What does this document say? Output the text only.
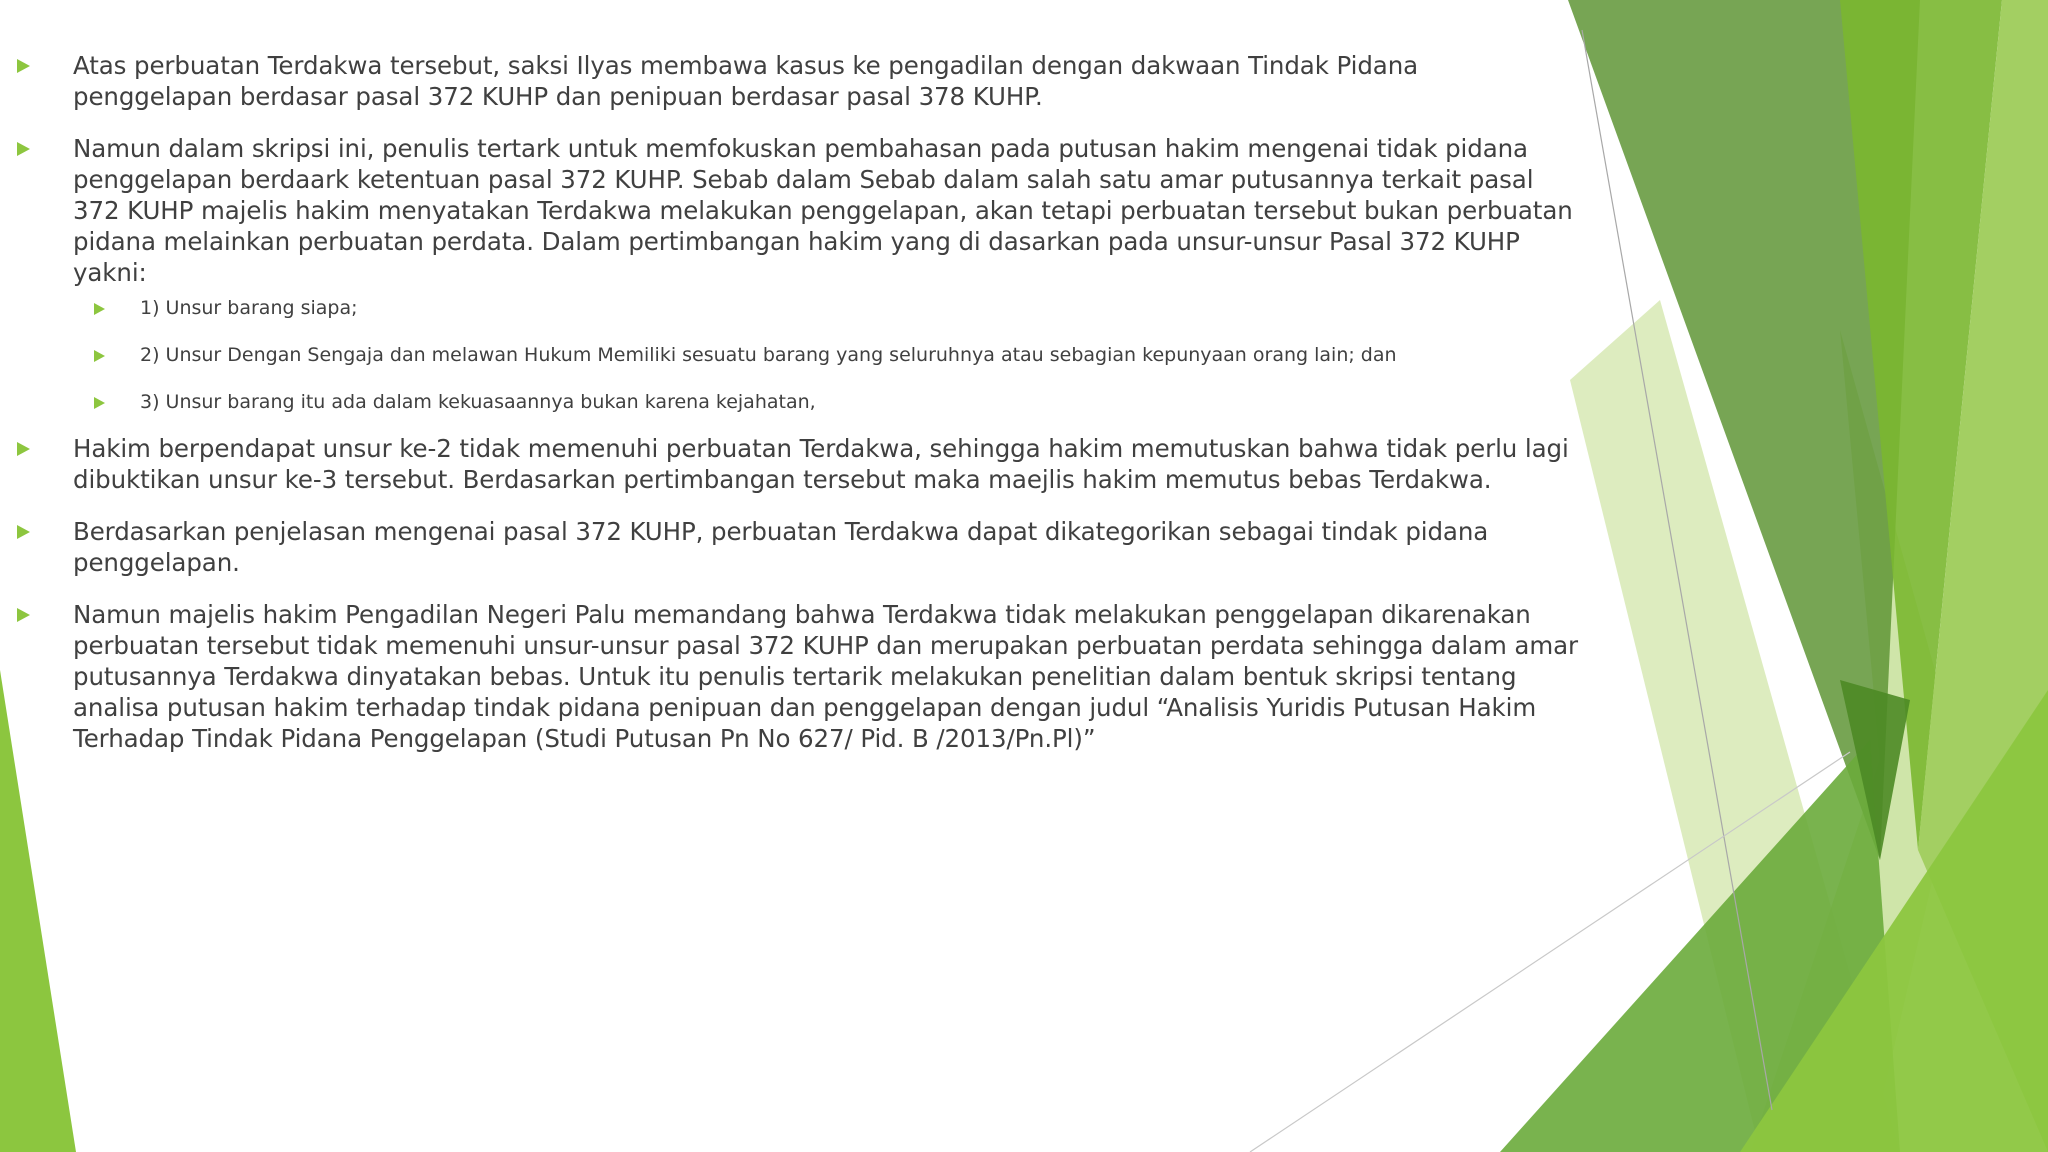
Atas perbuatan Terdakwa tersebut, saksi Ilyas membawa kasus ke pengadilan dengan dakwaan Tindak Pidana penggelapan berdasar pasal 372 KUHP dan penipuan berdasar pasal 378 KUHP.
Namun dalam skripsi ini, penulis tertark untuk memfokuskan pembahasan pada putusan hakim mengenai tidak pidana penggelapan berdaark ketentuan pasal 372 KUHP. Sebab dalam Sebab dalam salah satu amar putusannya terkait pasal 372 KUHP majelis hakim menyatakan Terdakwa melakukan penggelapan, akan tetapi perbuatan tersebut bukan perbuatan pidana melainkan perbuatan perdata. Dalam pertimbangan hakim yang di dasarkan pada unsur-unsur Pasal 372 KUHP yakni:
1) Unsur barang siapa;
2) Unsur Dengan Sengaja dan melawan Hukum Memiliki sesuatu barang yang seluruhnya atau sebagian kepunyaan orang lain; dan
3) Unsur barang itu ada dalam kekuasaannya bukan karena kejahatan,
Hakim berpendapat unsur ke-2 tidak memenuhi perbuatan Terdakwa, sehingga hakim memutuskan bahwa tidak perlu lagi dibuktikan unsur ke-3 tersebut. Berdasarkan pertimbangan tersebut maka maejlis hakim memutus bebas Terdakwa.
Berdasarkan penjelasan mengenai pasal 372 KUHP, perbuatan Terdakwa dapat dikategorikan sebagai tindak pidana penggelapan.
Namun majelis hakim Pengadilan Negeri Palu memandang bahwa Terdakwa tidak melakukan penggelapan dikarenakan perbuatan tersebut tidak memenuhi unsur-unsur pasal 372 KUHP dan merupakan perbuatan perdata sehingga dalam amar putusannya Terdakwa dinyatakan bebas. Untuk itu penulis tertarik melakukan penelitian dalam bentuk skripsi tentang analisa putusan hakim terhadap tindak pidana penipuan dan penggelapan dengan judul “Analisis Yuridis Putusan Hakim Terhadap Tindak Pidana Penggelapan (Studi Putusan Pn No 627/ Pid. B /2013/Pn.Pl)”
